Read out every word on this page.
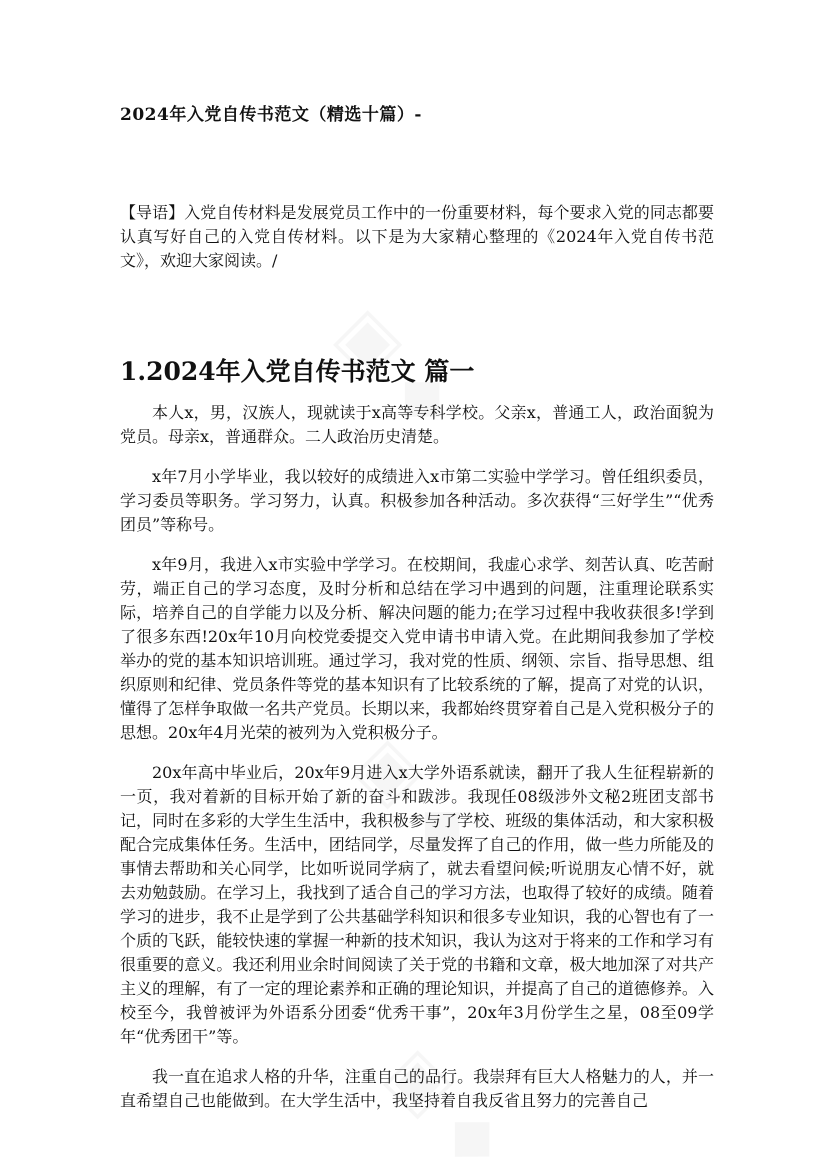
2024年入党自传书范文（精选十篇）-
【导语】入党自传材料是发展党员工作中的一份重要材料，每个要求入党的同志都要认真写好自己的入党自传材料。以下是为大家精心整理的《2024年入党自传书范文》，欢迎大家阅读。/
1.2024年入党自传书范文 篇一

本人x，男，汉族人，现就读于x高等专科学校。父亲x，普通工人，政治面貌为党员。母亲x，普通群众。二人政治历史清楚。

x年7月小学毕业，我以较好的成绩进入x市第二实验中学学习。曾任组织委员，学习委员等职务。学习努力，认真。积极参加各种活动。多次获得“三好学生”“优秀团员”等称号。

x年9月，我进入x市实验中学学习。在校期间，我虚心求学、刻苦认真、吃苦耐劳，端正自己的学习态度，及时分析和总结在学习中遇到的问题，注重理论联系实际，培养自己的自学能力以及分析、解决问题的能力;在学习过程中我收获很多!学到了很多东西!20x年10月向校党委提交入党申请书申请入党。在此期间我参加了学校举办的党的基本知识培训班。通过学习，我对党的性质、纲领、宗旨、指导思想、组织原则和纪律、党员条件等党的基本知识有了比较系统的了解，提高了对党的认识，懂得了怎样争取做一名共产党员。长期以来，我都始终贯穿着自己是入党积极分子的思想。20x年4月光荣的被列为入党积极分子。

20x年高中毕业后，20x年9月进入x大学外语系就读，翻开了我人生征程崭新的一页，我对着新的目标开始了新的奋斗和跋涉。我现任08级涉外文秘2班团支部书记，同时在多彩的大学生生活中，我积极参与了学校、班级的集体活动，和大家积极配合完成集体任务。生活中，团结同学，尽量发挥了自己的作用，做一些力所能及的事情去帮助和关心同学，比如听说同学病了，就去看望问候;听说朋友心情不好，就去劝勉鼓励。在学习上，我找到了适合自己的学习方法，也取得了较好的成绩。随着学习的进步，我不止是学到了公共基础学科知识和很多专业知识，我的心智也有了一个质的飞跃，能较快速的掌握一种新的技术知识，我认为这对于将来的工作和学习有很重要的意义。我还利用业余时间阅读了关于党的书籍和文章，极大地加深了对共产主义的理解，有了一定的理论素养和正确的理论知识，并提高了自己的道德修养。入校至今，我曾被评为外语系分团委“优秀干事”，20x年3月份学生之星，08至09学年“优秀团干”等。

我一直在追求人格的升华，注重自己的品行。我崇拜有巨大人格魅力的人，并一直希望自己也能做到。在大学生活中，我坚持着自我反省且努力的完善自己
